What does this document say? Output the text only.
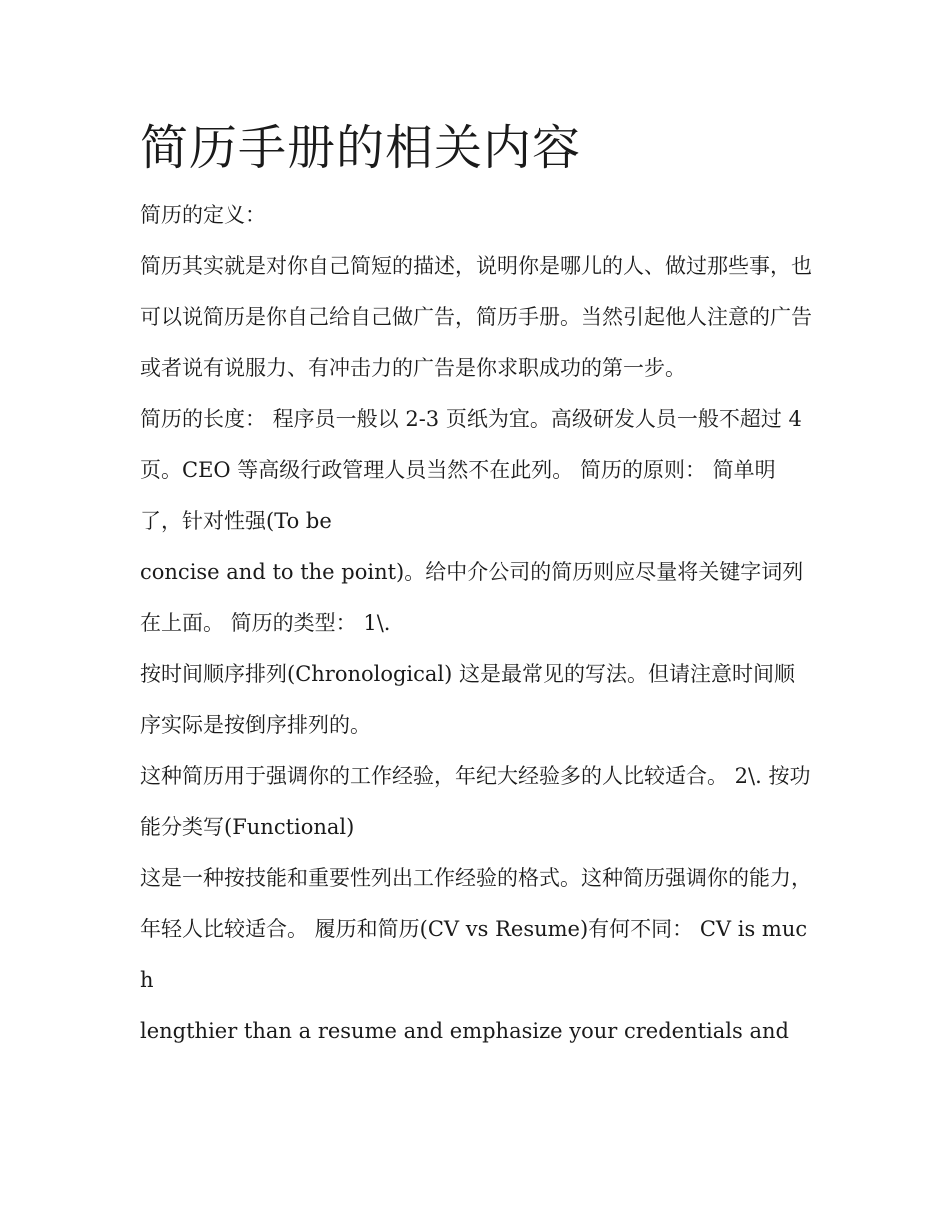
简历手册的相关内容

简历的定义：

简历其实就是对你自己简短的描述，说明你是哪儿的人、做过那些事，也可以说简历是你自己给自己做广告，简历手册。当然引起他人注意的广告或者说有说服力、有冲击力的广告是你求职成功的第一步。

简历的长度： 程序员一般以 2-3 页纸为宜。高级研发人员一般不超过 4 页。CEO 等高级行政管理人员当然不在此列。 简历的原则： 简单明了，针对性强(To be

concise and to the point)。给中介公司的简历则应尽量将关键字词列在上面。 简历的类型： 1\.

按时间顺序排列(Chronological) 这是最常见的写法。但请注意时间顺序实际是按倒序排列的。

这种简历用于强调你的工作经验，年纪大经验多的人比较适合。 2\. 按功能分类写(Functional)

这是一种按技能和重要性列出工作经验的格式。这种简历强调你的能力，年轻人比较适合。 履历和简历(CV vs Resume)有何不同： CV is much

lengthier than a resume and emphasize your credentials and
